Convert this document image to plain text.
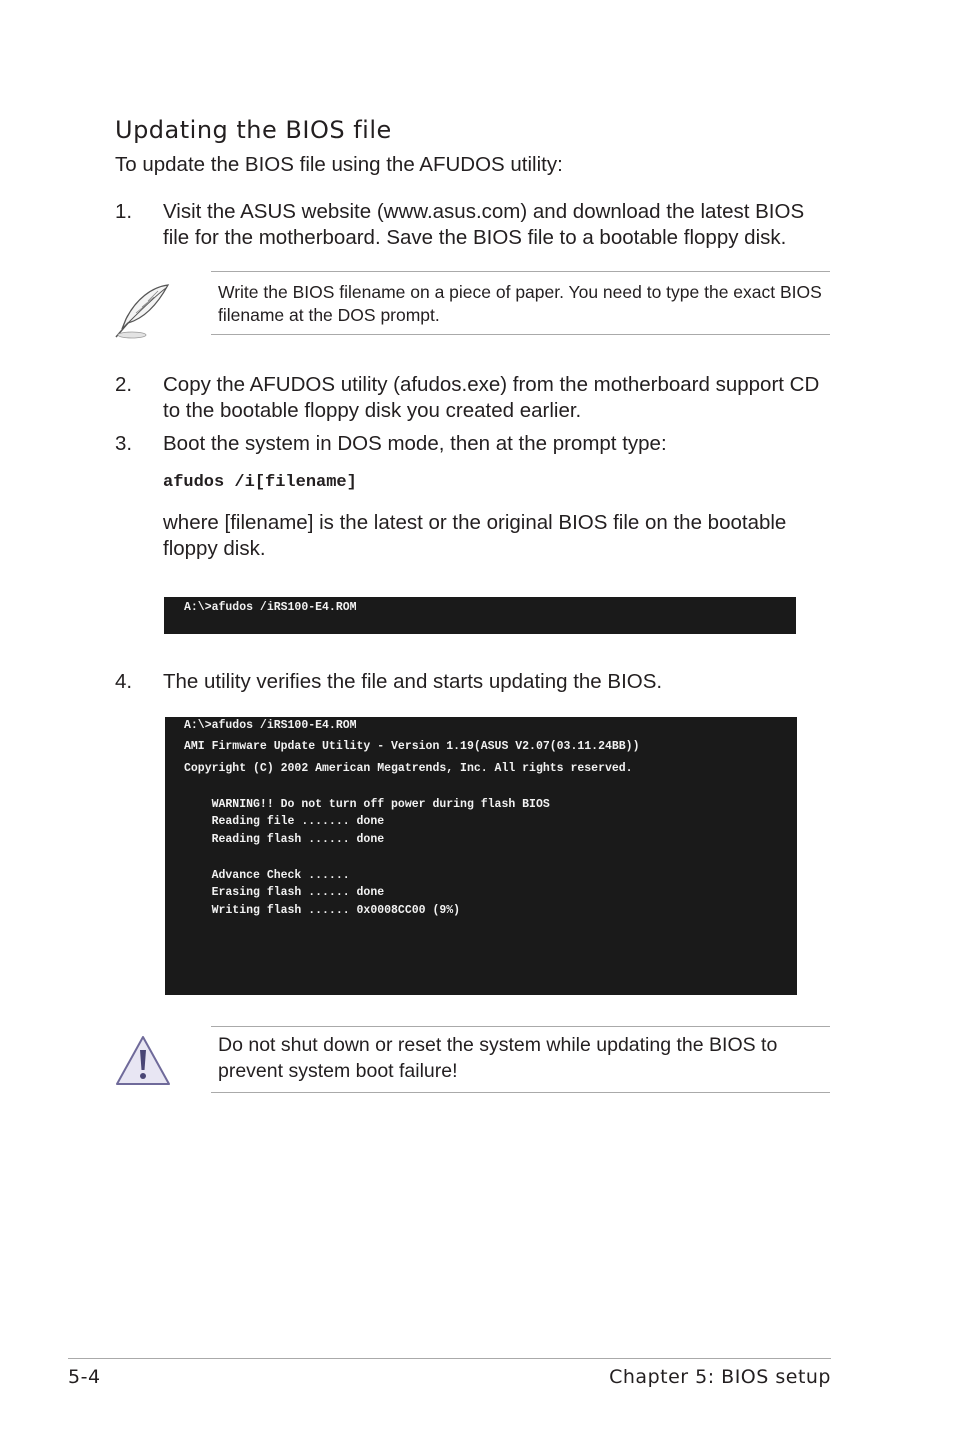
Updating the BIOS file
To update the BIOS file using the AFUDOS utility:
1. Visit the ASUS website (www.asus.com) and download the latest BIOS file for the motherboard. Save the BIOS file to a bootable floppy disk.
Write the BIOS filename on a piece of paper. You need to type the exact BIOS filename at the DOS prompt.
2. Copy the AFUDOS utility (afudos.exe) from the motherboard support CD to the bootable floppy disk you created earlier.
3. Boot the system in DOS mode, then at the prompt type:
afudos /i[filename]
where [filename] is the latest or the original BIOS file on the bootable floppy disk.
A:\>afudos /iRS100-E4.ROM
4. The utility verifies the file and starts updating the BIOS.
A:\>afudos /iRS100-E4.ROM
AMI Firmware Update Utility - Version 1.19(ASUS V2.07(03.11.24BB))
Copyright (C) 2002 American Megatrends, Inc. All rights reserved.
WARNING!! Do not turn off power during flash BIOS
Reading file ....... done
Reading flash ...... done
Advance Check ......
Erasing flash ...... done
Writing flash ...... 0x0008CC00 (9%)
Do not shut down or reset the system while updating the BIOS to prevent system boot failure!
5-4	Chapter 5: BIOS setup
